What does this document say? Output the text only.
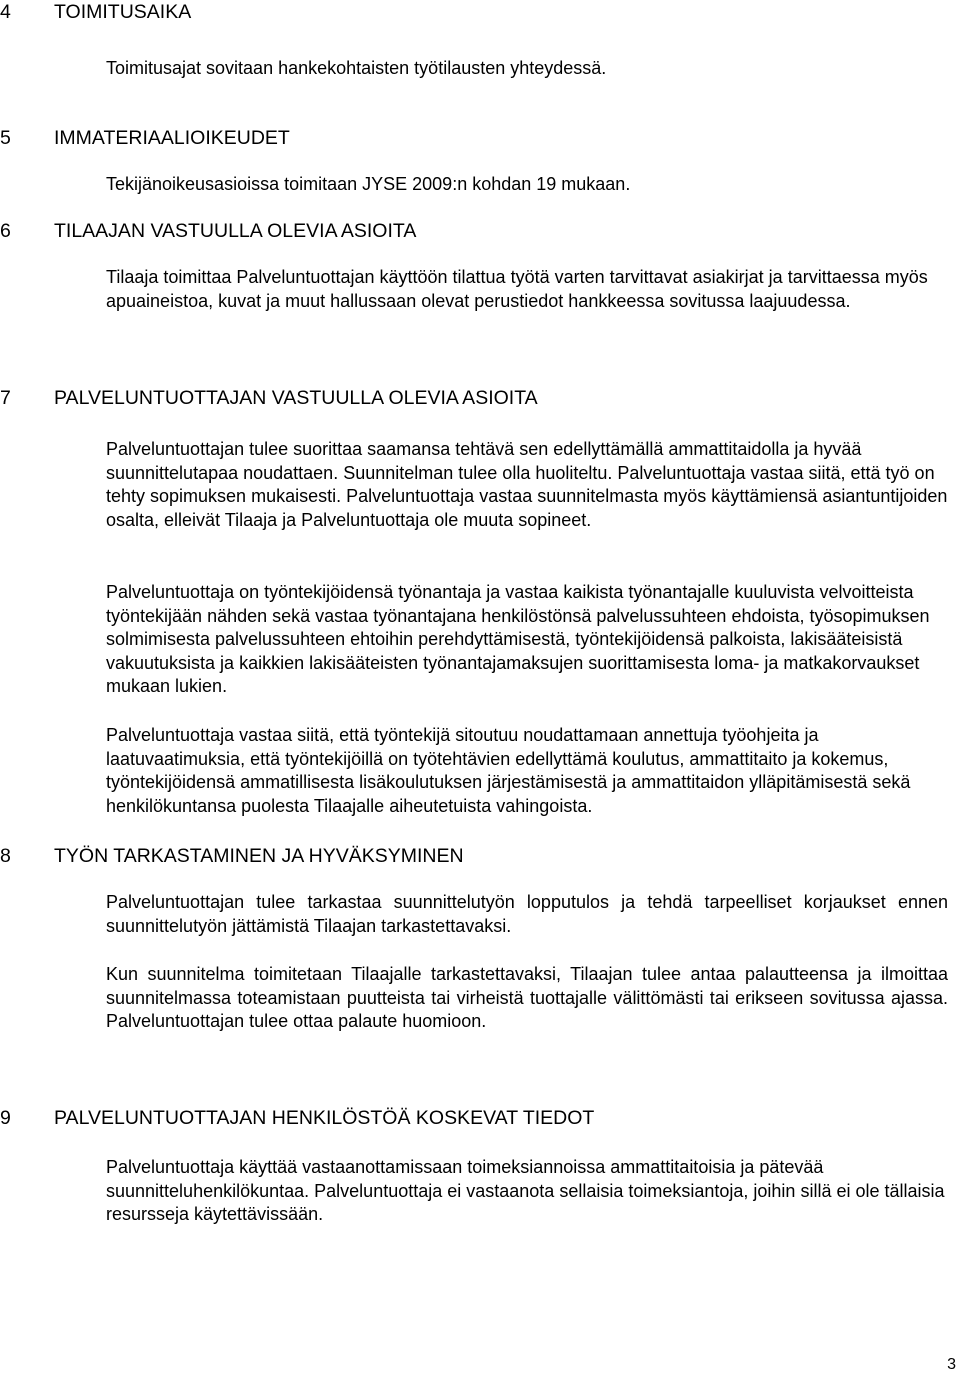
4 TOIMITUSAIKA

Toimitusajat sovitaan hankekohtaisten työtilausten yhteydessä.

5 IMMATERIAALIOIKEUDET

Tekijänoikeusasioissa toimitaan JYSE 2009:n kohdan 19 mukaan.

6 TILAAJAN VASTUULLA OLEVIA ASIOITA

Tilaaja toimittaa Palveluntuottajan käyttöön tilattua työtä varten tarvittavat asiakirjat ja tarvittaessa myös apuaineistoa, kuvat ja muut hallussaan olevat perustiedot hankkeessa sovitussa laajuudessa.

7 PALVELUNTUOTTAJAN VASTUULLA OLEVIA ASIOITA

Palveluntuottajan tulee suorittaa saamansa tehtävä sen edellyttämällä ammattitaidolla ja hyvää suunnittelutapaa noudattaen. Suunnitelman tulee olla huoliteltu. Palveluntuottaja vastaa siitä, että työ on tehty sopimuksen mukaisesti. Palveluntuottaja vastaa suunnitelmasta myös käyttämiensä asiantuntijoiden osalta, elleivät Tilaaja ja Palveluntuottaja ole muuta sopineet.

Palveluntuottaja on työntekijöidensä työnantaja ja vastaa kaikista työnantajalle kuuluvista velvoitteista työntekijään nähden sekä vastaa työnantajana henkilöstönsä palvelussuhteen ehdoista, työsopimuksen solmimisesta palvelussuhteen ehtoihin perehdyttämisestä, työntekijöidensä palkoista, lakisääteisistä vakuutuksista ja kaikkien lakisääteisten työnantajamaksujen suorittamisesta loma- ja matkakorvaukset mukaan lukien.

Palveluntuottaja vastaa siitä, että työntekijä sitoutuu noudattamaan annettuja työohjeita ja laatuvaatimuksia, että työntekijöillä on työtehtävien edellyttämä koulutus, ammattitaito ja kokemus, työntekijöidensä ammatillisesta lisäkoulutuksen järjestämisestä ja ammattitaidon ylläpitämisestä sekä henkilökuntansa puolesta Tilaajalle aiheutetuista vahingoista.

8 TYÖN TARKASTAMINEN JA HYVÄKSYMINEN

Palveluntuottajan tulee tarkastaa suunnittelutyön lopputulos ja tehdä tarpeelliset korjaukset ennen suunnittelutyön jättämistä Tilaajan tarkastettavaksi.

Kun suunnitelma toimitetaan Tilaajalle tarkastettavaksi, Tilaajan tulee antaa palautteensa ja ilmoittaa suunnitelmassa toteamistaan puutteista tai virheistä tuottajalle välittömästi tai erikseen sovitussa ajassa. Palveluntuottajan tulee ottaa palaute huomioon.

9 PALVELUNTUOTTAJAN HENKILÖSTÖÄ KOSKEVAT TIEDOT

Palveluntuottaja käyttää vastaanottamissaan toimeksiannoissa ammattitaitoisia ja pätevää suunnitteluhenkilökuntaa. Palveluntuottaja ei vastaanota sellaisia toimeksiantoja, joihin sillä ei ole tällaisia resursseja käytettävissään.

3
